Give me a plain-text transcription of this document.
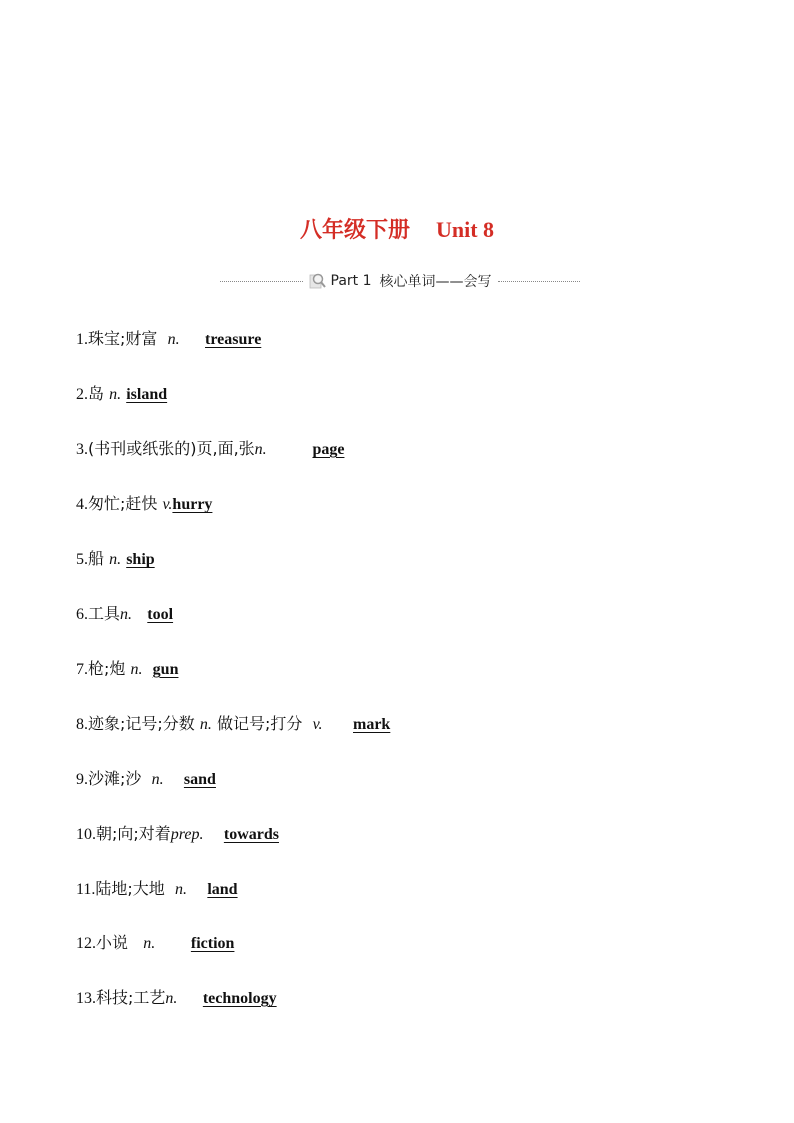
八年级下册 Unit 8
Part 1 核心单词——会写
1.珠宝;财富 n. treasure
2.岛 n. island
3.(书刊或纸张的)页,面,张n.	page
4.匆忙;赶快 v.hurry
5.船 n. ship
6.工具n. tool
7.枪;炮 n. gun
8.迹象;记号;分数 n. 做记号;打分 v. mark
9.沙滩;沙 n. sand
10.朝;向;对着prep. towards
11.陆地;大地 n. land
12.小说 n. fiction
13.科技;工艺n. technology
